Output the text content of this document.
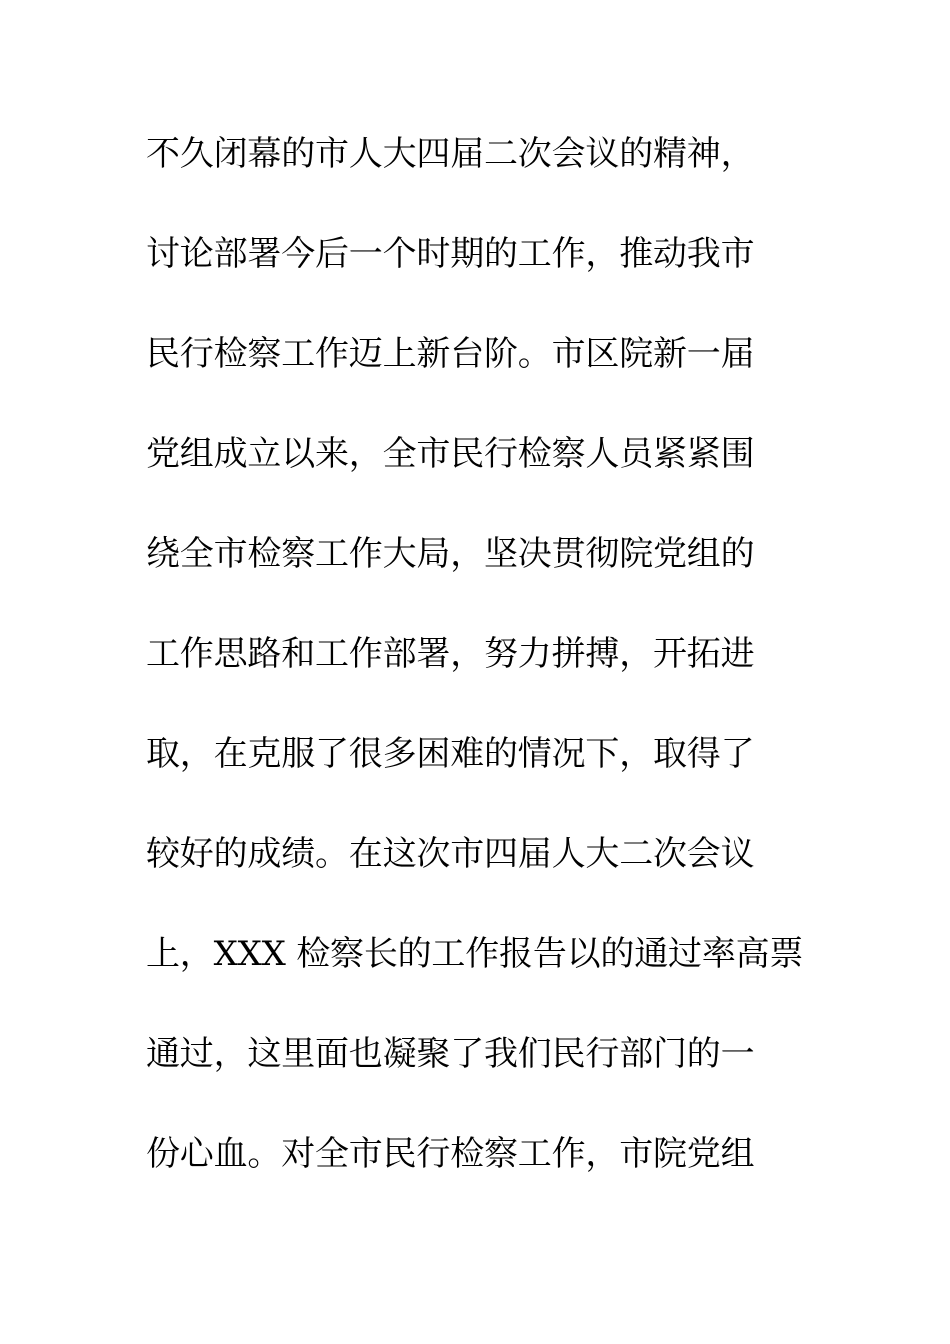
不久闭幕的市人大四届二次会议的精神，
讨论部署今后一个时期的工作，推动我市
民行检察工作迈上新台阶。市区院新一届
党组成立以来，全市民行检察人员紧紧围
绕全市检察工作大局，坚决贯彻院党组的
工作思路和工作部署，努力拼搏，开拓进
取，在克服了很多困难的情况下，取得了
较好的成绩。在这次市四届人大二次会议
上，XXX 检察长的工作报告以的通过率高票
通过，这里面也凝聚了我们民行部门的一
份心血。对全市民行检察工作，市院党组
